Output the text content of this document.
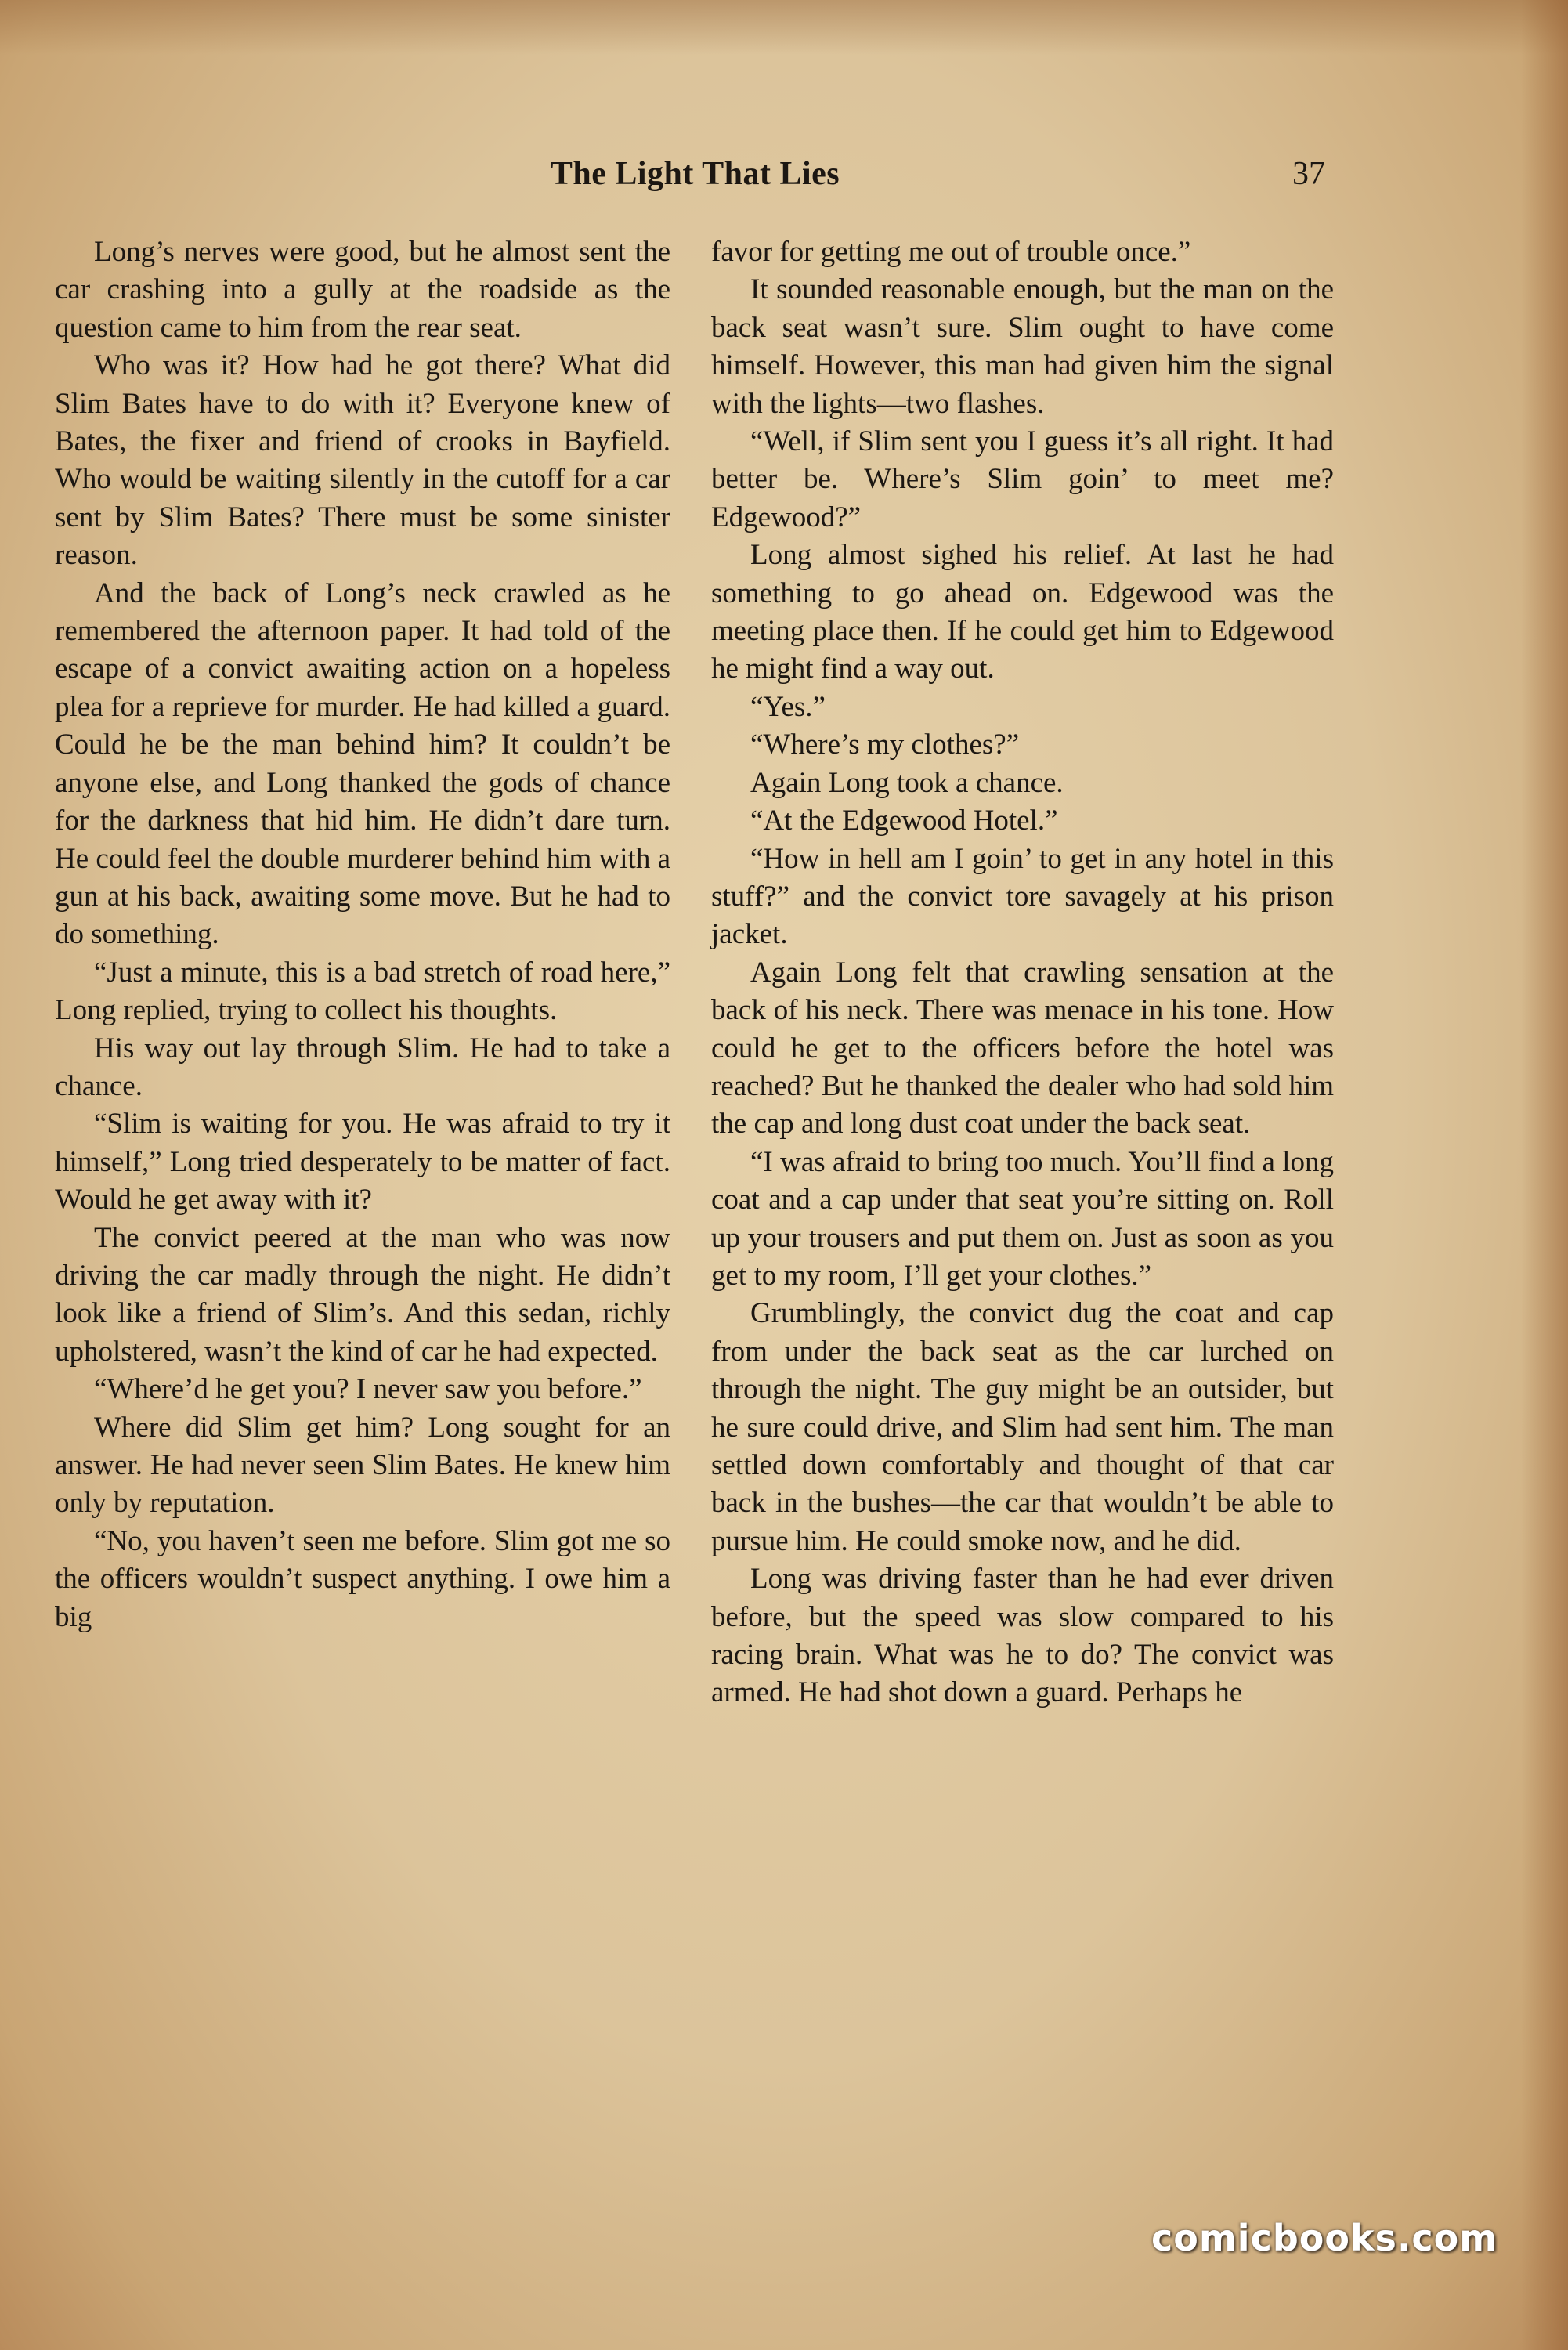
The Light That Lies	37

Long’s nerves were good, but he almost sent the car crashing into a gully at the roadside as the question came to him from the rear seat.

Who was it? How had he got there? What did Slim Bates have to do with it? Everyone knew of Bates, the fixer and friend of crooks in Bayfield. Who would be waiting silently in the cutoff for a car sent by Slim Bates? There must be some sinister reason.

And the back of Long’s neck crawled as he remembered the afternoon paper. It had told of the escape of a convict awaiting action on a hopeless plea for a reprieve for murder. He had killed a guard. Could he be the man behind him? It couldn’t be anyone else, and Long thanked the gods of chance for the darkness that hid him. He didn’t dare turn. He could feel the double murderer behind him with a gun at his back, awaiting some move. But he had to do something.

“Just a minute, this is a bad stretch of road here,” Long replied, trying to collect his thoughts.

His way out lay through Slim. He had to take a chance.

“Slim is waiting for you. He was afraid to try it himself,” Long tried desperately to be matter of fact. Would he get away with it?

The convict peered at the man who was now driving the car madly through the night. He didn’t look like a friend of Slim’s. And this sedan, richly upholstered, wasn’t the kind of car he had expected.

“Where’d he get you? I never saw you before.”

Where did Slim get him? Long sought for an answer. He had never seen Slim Bates. He knew him only by reputation.

“No, you haven’t seen me before. Slim got me so the officers wouldn’t suspect anything. I owe him a big

favor for getting me out of trouble once.”

It sounded reasonable enough, but the man on the back seat wasn’t sure. Slim ought to have come himself. However, this man had given him the signal with the lights—two flashes.

“Well, if Slim sent you I guess it’s all right. It had better be. Where’s Slim goin’ to meet me? Edgewood?”

Long almost sighed his relief. At last he had something to go ahead on. Edgewood was the meeting place then. If he could get him to Edgewood he might find a way out.

“Yes.”

“Where’s my clothes?”

Again Long took a chance.

“At the Edgewood Hotel.”

“How in hell am I goin’ to get in any hotel in this stuff?” and the convict tore savagely at his prison jacket.

Again Long felt that crawling sensation at the back of his neck. There was menace in his tone. How could he get to the officers before the hotel was reached? But he thanked the dealer who had sold him the cap and long dust coat under the back seat.

“I was afraid to bring too much. You’ll find a long coat and a cap under that seat you’re sitting on. Roll up your trousers and put them on. Just as soon as you get to my room, I’ll get your clothes.”

Grumblingly, the convict dug the coat and cap from under the back seat as the car lurched on through the night. The guy might be an outsider, but he sure could drive, and Slim had sent him. The man settled down comfortably and thought of that car back in the bushes—the car that wouldn’t be able to pursue him. He could smoke now, and he did.

Long was driving faster than he had ever driven before, but the speed was slow compared to his racing brain. What was he to do? The convict was armed. He had shot down a guard. Perhaps he

comicbooks.com
